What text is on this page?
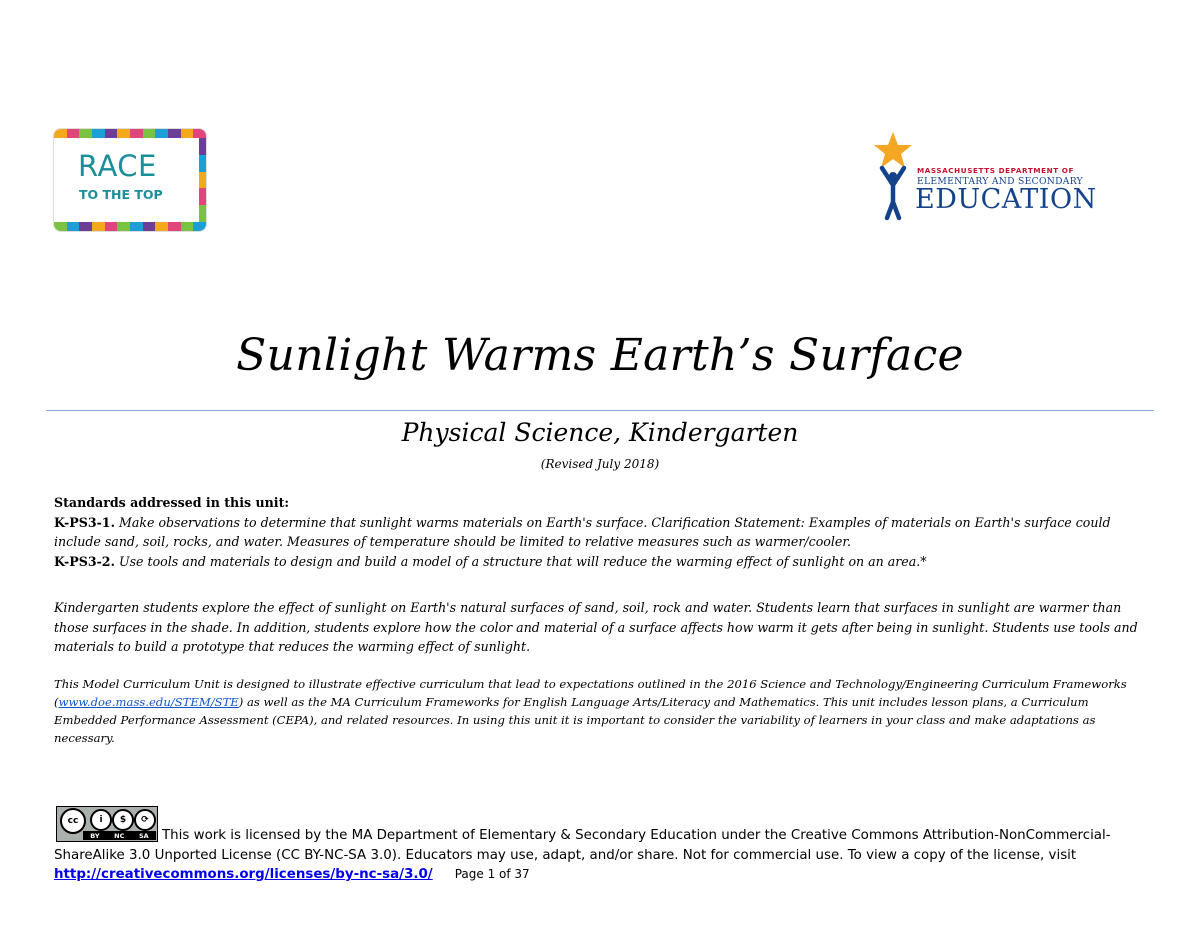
RACE
TO THE TOP
MASSACHUSETTS DEPARTMENT OF
ELEMENTARY AND SECONDARY
EDUCATION
Sunlight Warms Earth’s Surface
Physical Science, Kindergarten
(Revised July 2018)
Standards addressed in this unit:
K-PS3-1. Make observations to determine that sunlight warms materials on Earth's surface. Clarification Statement: Examples of materials on Earth's surface could include sand, soil, rocks, and water. Measures of temperature should be limited to relative measures such as warmer/cooler.
K-PS3-2. Use tools and materials to design and build a model of a structure that will reduce the warming effect of sunlight on an area.*
Kindergarten students explore the effect of sunlight on Earth's natural surfaces of sand, soil, rock and water. Students learn that surfaces in sunlight are warmer than those surfaces in the shade. In addition, students explore how the color and material of a surface affects how warm it gets after being in sunlight. Students use tools and materials to build a prototype that reduces the warming effect of sunlight.
This Model Curriculum Unit is designed to illustrate effective curriculum that lead to expectations outlined in the 2016 Science and Technology/Engineering Curriculum Frameworks (www.doe.mass.edu/STEM/STE) as well as the MA Curriculum Frameworks for English Language Arts/Literacy and Mathematics. This unit includes lesson plans, a Curriculum Embedded Performance Assessment (CEPA), and related resources. In using this unit it is important to consider the variability of learners in your class and make adaptations as necessary.
cc	i	$	⟳
BY NC SA This work is licensed by the MA Department of Elementary & Secondary Education under the Creative Commons Attribution-NonCommercial-ShareAlike 3.0 Unported License (CC BY-NC-SA 3.0). Educators may use, adapt, and/or share. Not for commercial use. To view a copy of the license, visit http://creativecommons.org/licenses/by-nc-sa/3.0/ Page 1 of 37
